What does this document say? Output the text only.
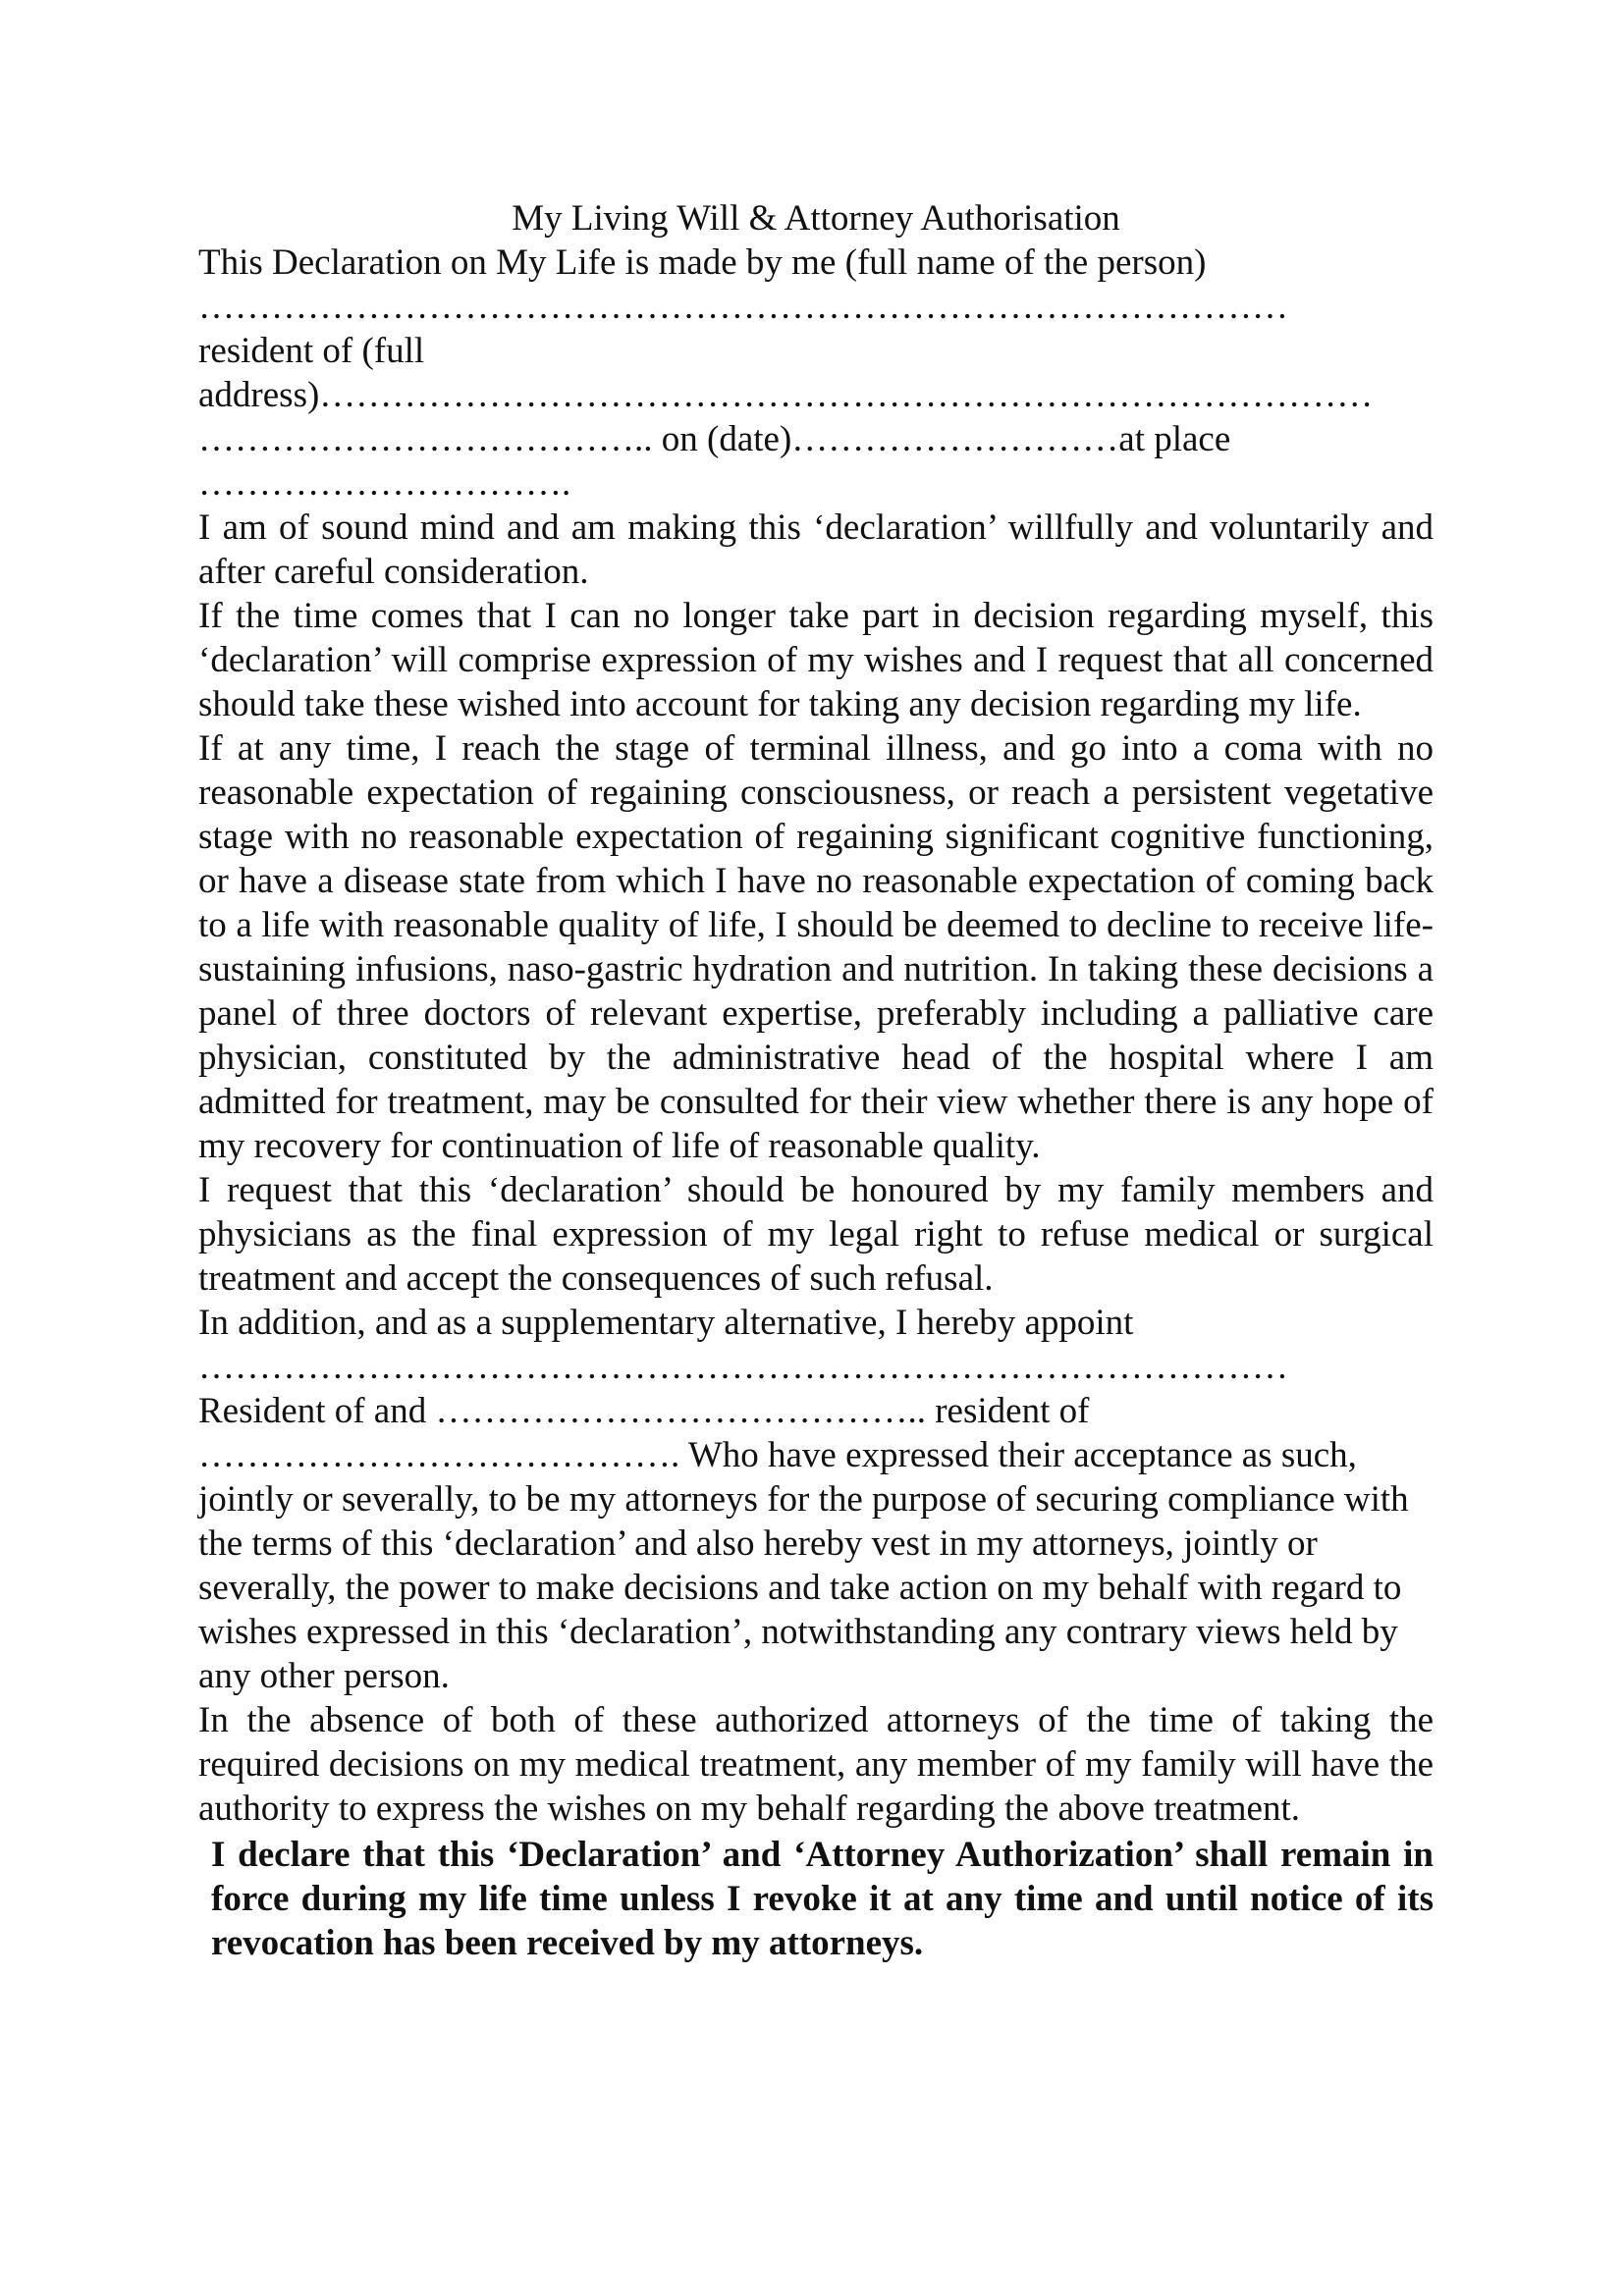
My Living Will & Attorney Authorisation

This Declaration on My Life is made by me (full name of the person)

………………………………………………………………………………

resident of (full

address)……………………………………………………………………………

……………………………….. on (date)………………………at place

………………………….

I am of sound mind and am making this ‘declaration’ willfully and voluntarily and after careful consideration.

If the time comes that I can no longer take part in decision regarding myself, this ‘declaration’ will comprise expression of my wishes and I request that all concerned should take these wished into account for taking any decision regarding my life.

If at any time, I reach the stage of terminal illness, and go into a coma with no reasonable expectation of regaining consciousness, or reach a persistent vegetative stage with no reasonable expectation of regaining significant cognitive functioning, or have a disease state from which I have no reasonable expectation of coming back to a life with reasonable quality of life, I should be deemed to decline to receive life-sustaining infusions, naso-gastric hydration and nutrition. In taking these decisions a panel of three doctors of relevant expertise, preferably including a palliative care physician, constituted by the administrative head of the hospital where I am admitted for treatment, may be consulted for their view whether there is any hope of my recovery for continuation of life of reasonable quality.

I request that this ‘declaration’ should be honoured by my family members and physicians as the final expression of my legal right to refuse medical or surgical treatment and accept the consequences of such refusal.

In addition, and as a supplementary alternative, I hereby appoint

………………………………………………………………………………

Resident of and ………………………………….. resident of

…………………………………. Who have expressed their acceptance as such, jointly or severally, to be my attorneys for the purpose of securing compliance with the terms of this ‘declaration’ and also hereby vest in my attorneys, jointly or severally, the power to make decisions and take action on my behalf with regard to wishes expressed in this ‘declaration’, notwithstanding any contrary views held by any other person.

In the absence of both of these authorized attorneys of the time of taking the required decisions on my medical treatment, any member of my family will have the authority to express the wishes on my behalf regarding the above treatment.

I declare that this ‘Declaration’ and ‘Attorney Authorization’ shall remain in force during my life time unless I revoke it at any time and until notice of its revocation has been received by my attorneys.
